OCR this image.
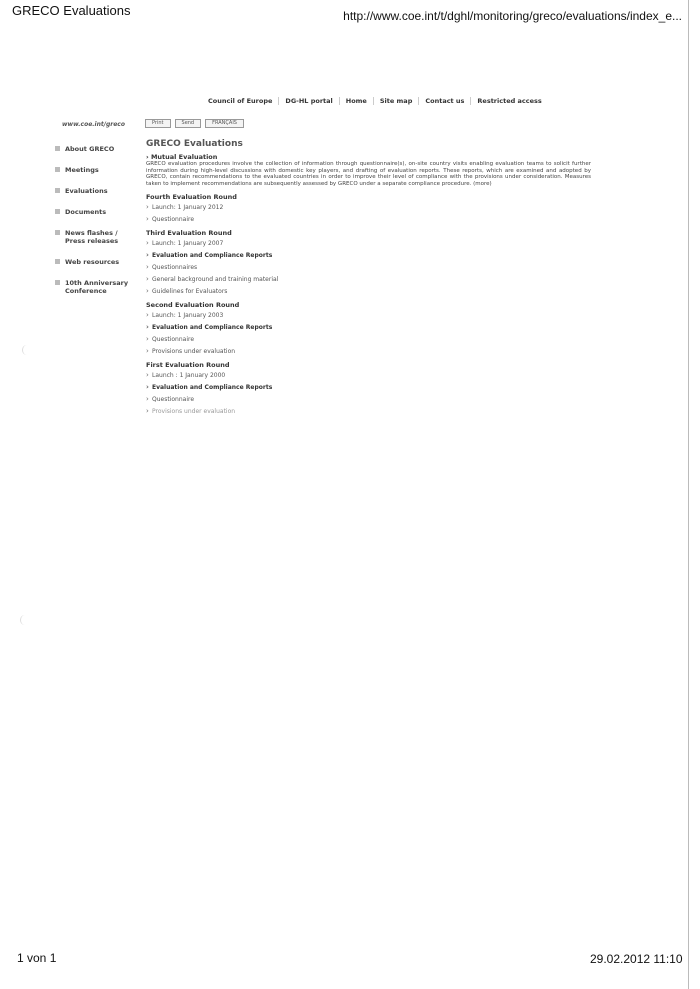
GRECO Evaluations	http://www.coe.int/t/dghl/monitoring/greco/evaluations/index_e...
Council of Europe	DG-HL portal	Home	Site map	Contact us	Restricted access
www.coe.int/greco	Print	Send	FRANÇAIS
About GRECO
Meetings
Evaluations
Documents
News flashes / Press releases
Web resources
10th Anniversary Conference
GRECO Evaluations
› Mutual Evaluation
GRECO evaluation procedures involve the collection of information through questionnaire(s), on-site country visits enabling evaluation teams to solicit further information during high-level discussions with domestic key players, and drafting of evaluation reports. These reports, which are examined and adopted by GRECO, contain recommendations to the evaluated countries in order to improve their level of compliance with the provisions under consideration. Measures taken to implement recommendations are subsequently assessed by GRECO under a separate compliance procedure. (more)
Fourth Evaluation Round
› Launch: 1 January 2012
› Questionnaire
Third Evaluation Round
› Launch: 1 January 2007
› Evaluation and Compliance Reports
› Questionnaires
› General background and training material
› Guidelines for Evaluators
Second Evaluation Round
› Launch: 1 January 2003
› Evaluation and Compliance Reports
› Questionnaire
› Provisions under evaluation
First Evaluation Round
› Launch : 1 January 2000
› Evaluation and Compliance Reports
› Questionnaire
› Provisions under evaluation
1 von 1	29.02.2012 11:10
